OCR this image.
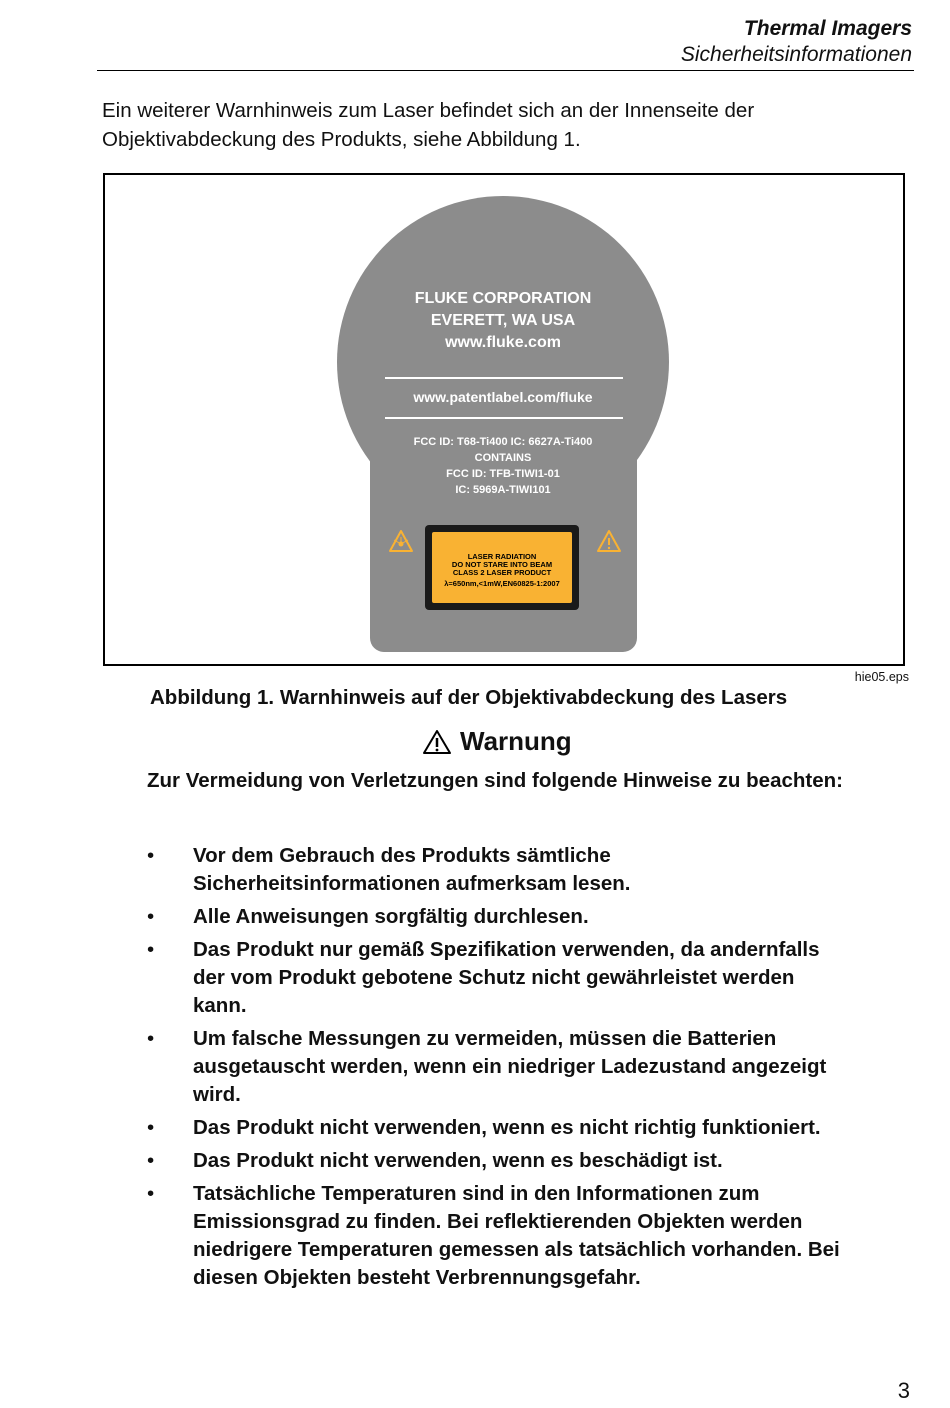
Thermal Imagers
Sicherheitsinformationen

Ein weiterer Warnhinweis zum Laser befindet sich an der Innenseite der Objektivabdeckung des Produkts, siehe Abbildung 1.

FLUKE CORPORATION
EVERETT, WA USA
www.fluke.com
www.patentlabel.com/fluke
FCC ID: T68-Ti400 IC: 6627A-Ti400
CONTAINS
FCC ID: TFB-TIWI1-01
IC: 5969A-TIWI101
LASER RADIATION
DO NOT STARE INTO BEAM
CLASS 2 LASER PRODUCT
λ=650nm,<1mW,EN60825-1:2007
hie05.eps
Abbildung 1. Warnhinweis auf der Objektivabdeckung des Lasers
Warnung

Zur Vermeidung von Verletzungen sind folgende Hinweise zu beachten:

• Vor dem Gebrauch des Produkts sämtliche Sicherheitsinformationen aufmerksam lesen.
• Alle Anweisungen sorgfältig durchlesen.
• Das Produkt nur gemäß Spezifikation verwenden, da andernfalls der vom Produkt gebotene Schutz nicht gewährleistet werden kann.
• Um falsche Messungen zu vermeiden, müssen die Batterien ausgetauscht werden, wenn ein niedriger Ladezustand angezeigt wird.
• Das Produkt nicht verwenden, wenn es nicht richtig funktioniert.
• Das Produkt nicht verwenden, wenn es beschädigt ist.
• Tatsächliche Temperaturen sind in den Informationen zum Emissionsgrad zu finden. Bei reflektierenden Objekten werden niedrigere Temperaturen gemessen als tatsächlich vorhanden. Bei diesen Objekten besteht Verbrennungsgefahr.
3
